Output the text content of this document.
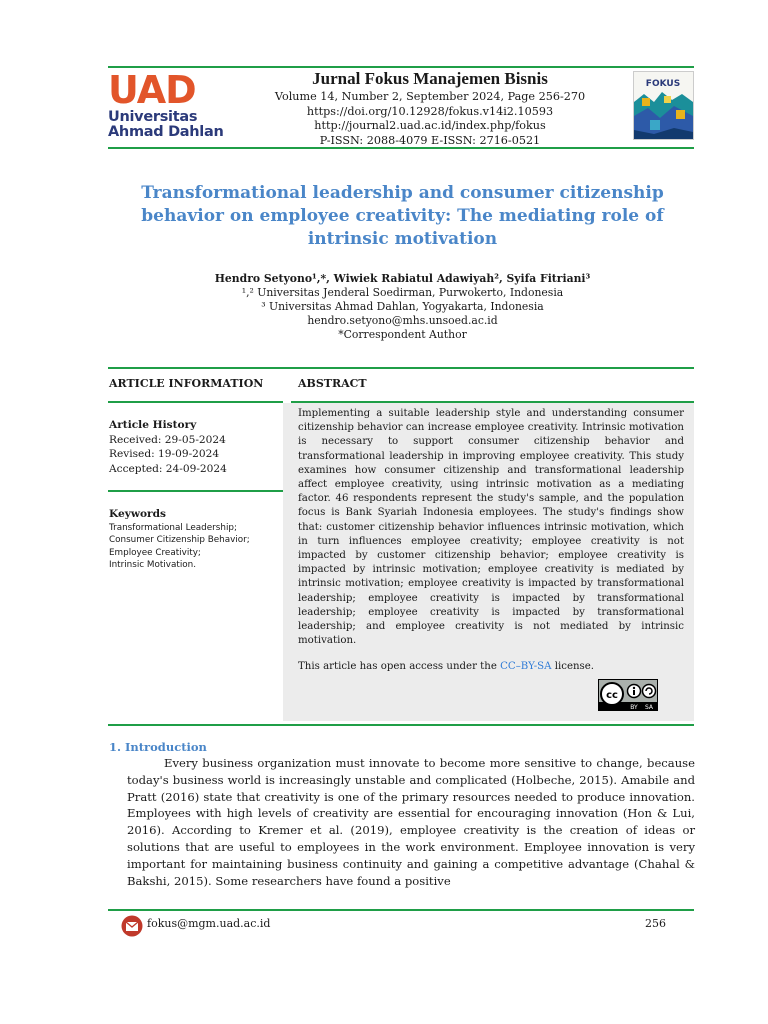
UAD
Universitas
Ahmad Dahlan
Jurnal Fokus Manajemen Bisnis
Volume 14, Number 2, September 2024, Page 256-270
https://doi.org/10.12928/fokus.v14i2.10593
http://journal2.uad.ac.id/index.php/fokus
P-ISSN: 2088-4079 E-ISSN: 2716-0521
FOKUS
Transformational leadership and consumer citizenship behavior on employee creativity: The mediating role of intrinsic motivation
Hendro Setyono¹,*, Wiwiek Rabiatul Adawiyah², Syifa Fitriani³
¹,² Universitas Jenderal Soedirman, Purwokerto, Indonesia
³ Universitas Ahmad Dahlan, Yogyakarta, Indonesia
hendro.setyono@mhs.unsoed.ac.id
*Correspondent Author
ARTICLE INFORMATION	ABSTRACT
Implementing a suitable leadership style and understanding consumer citizenship behavior can increase employee creativity. Intrinsic motivation is necessary to support consumer citizenship behavior and transformational leadership in improving employee creativity. This study examines how consumer citizenship and transformational leadership affect employee creativity, using intrinsic motivation as a mediating factor. 46 respondents represent the study's sample, and the population focus is Bank Syariah Indonesia employees. The study's findings show that: customer citizenship behavior influences intrinsic motivation, which in turn influences employee creativity; employee creativity is not impacted by customer citizenship behavior; employee creativity is impacted by intrinsic motivation; employee creativity is mediated by intrinsic motivation; employee creativity is impacted by transformational leadership; employee creativity is impacted by transformational leadership; employee creativity is impacted by transformational leadership; and employee creativity is not mediated by intrinsic motivation.
This article has open access under the CC–BY-SA license.
cc
BY SA
Article History
Received: 29-05-2024
Revised: 19-09-2024
Accepted: 24-09-2024
Keywords
Transformational Leadership;
Consumer Citizenship Behavior;
Employee Creativity;
Intrinsic Motivation.
1. Introduction
Every business organization must innovate to become more sensitive to change, because today's business world is increasingly unstable and complicated (Holbeche, 2015). Amabile and Pratt (2016) state that creativity is one of the primary resources needed to produce innovation. Employees with high levels of creativity are essential for encouraging innovation (Hon & Lui, 2016). According to Kremer et al. (2019), employee creativity is the creation of ideas or solutions that are useful to employees in the work environment. Employee innovation is very important for maintaining business continuity and gaining a competitive advantage (Chahal & Bakshi, 2015). Some researchers have found a positive
fokus@mgm.uad.ac.id	256
